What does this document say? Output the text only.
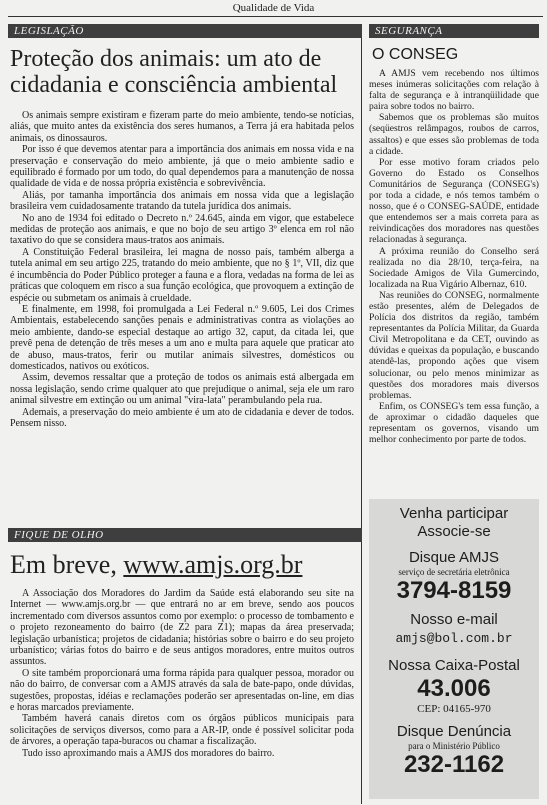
Qualidade de Vida
LEGISLAÇÃO
Proteção dos animais: um ato de
cidadania e consciência ambiental

Os animais sempre existiram e fizeram parte do meio ambiente, tendo-se notícias, aliás, que muito antes da existência dos seres humanos, a Terra já era habitada pelos animais, os dinossauros.

Por isso é que devemos atentar para a importância dos animais em nossa vida e na preservação e conservação do meio ambiente, já que o meio ambiente sadio e equilibrado é formado por um todo, do qual dependemos para a manutenção de nossa qualidade de vida e de nossa própria existência e sobrevivência.

Aliás, por tamanha importância dos animais em nossa vida que a legislação brasileira vem cuidadosamente tratando da tutela jurídica dos animais.

No ano de 1934 foi editado o Decreto n.º 24.645, ainda em vigor, que estabelece medidas de proteção aos animais, e que no bojo de seu artigo 3º elenca em rol não taxativo do que se considera maus-tratos aos animais.

A Constituição Federal brasileira, lei magna de nosso país, também alberga a tutela animal em seu artigo 225, tratando do meio ambiente, que no § 1º, VII, diz que é incumbência do Poder Público proteger a fauna e a flora, vedadas na forma de lei as práticas que coloquem em risco a sua função ecológica, que provoquem a extinção de espécie ou submetam os animais à crueldade.

E finalmente, em 1998, foi promulgada a Lei Federal n.º 9.605, Lei dos Crimes Ambientais, estabelecendo sanções penais e administrativas contra as violações ao meio ambiente, dando-se especial destaque ao artigo 32, caput, da citada lei, que prevê pena de detenção de três meses a um ano e multa para aquele que praticar ato de abuso, maus-tratos, ferir ou mutilar animais silvestres, domésticos ou domesticados, nativos ou exóticos.

Assim, devemos ressaltar que a proteção de todos os animais está albergada em nossa legislação, sendo crime qualquer ato que prejudique o animal, seja ele um raro animal silvestre em extinção ou um animal "vira-lata" perambulando pela rua.

Ademais, a preservação do meio ambiente é um ato de cidadania e dever de todos. Pensem nisso.

FIQUE DE OLHO
Em breve, www.amjs.org.br

A Associação dos Moradores do Jardim da Saúde está elaborando seu site na Internet — www.amjs.org.br — que entrará no ar em breve, sendo aos poucos incrementado com diversos assuntos como por exemplo: o processo de tombamento e o projeto rezoneamento do bairro (de Z2 para Z1); mapas da área preservada; legislação urbanística; projetos de cidadania; histórias sobre o bairro e do seu projeto urbanístico; várias fotos do bairro e de seus antigos moradores, entre muitos outros assuntos.

O site também proporcionará uma forma rápida para qualquer pessoa, morador ou não do bairro, de conversar com a AMJS através da sala de bate-papo, onde dúvidas, sugestões, propostas, idéias e reclamações poderão ser apresentadas on-line, em dias e horas marcados previamente.

Também haverá canais diretos com os órgãos públicos municipais para solicitações de serviços diversos, como para a AR-IP, onde é possível solicitar poda de árvores, a operação tapa-buracos ou chamar a fiscalização.

Tudo isso aproximando mais a AMJS dos moradores do bairro.

SEGURANÇA
O CONSEG

A AMJS vem recebendo nos últimos meses inúmeras solicitações com relação à falta de segurança e à intranqüilidade que paira sobre todos no bairro.

Sabemos que os problemas são muitos (seqüestros relâmpagos, roubos de carros, assaltos) e que esses são problemas de toda a cidade.

Por esse motivo foram criados pelo Governo do Estado os Conselhos Comunitários de Segurança (CONSEG's) por toda a cidade, e nós temos também o nosso, que é o CONSEG-SAÚDE, entidade que entendemos ser a mais correta para as reivindicações dos moradores nas questões relacionadas à segurança.

A próxima reunião do Conselho será realizada no dia 28/10, terça-feira, na Sociedade Amigos de Vila Gumercindo, localizada na Rua Vigário Albernaz, 610.

Nas reuniões do CONSEG, normalmente estão presentes, além de Delegados de Polícia dos distritos da região, também representantes da Polícia Militar, da Guarda Civil Metropolitana e da CET, ouvindo as dúvidas e queixas da população, e buscando atendê-las, propondo ações que visem solucionar, ou pelo menos minimizar as questões dos moradores mais diversos problemas.

Enfim, os CONSEG's tem essa função, a de aproximar o cidadão daqueles que representam os governos, visando um melhor conhecimento por parte de todos.

Venha participar
Associe-se
Disque AMJS
serviço de secretária eletrônica
3794-8159
Nosso e-mail
amjs@bol.com.br
Nossa Caixa-Postal
43.006
CEP: 04165-970
Disque Denúncia
para o Ministério Público
232-1162
